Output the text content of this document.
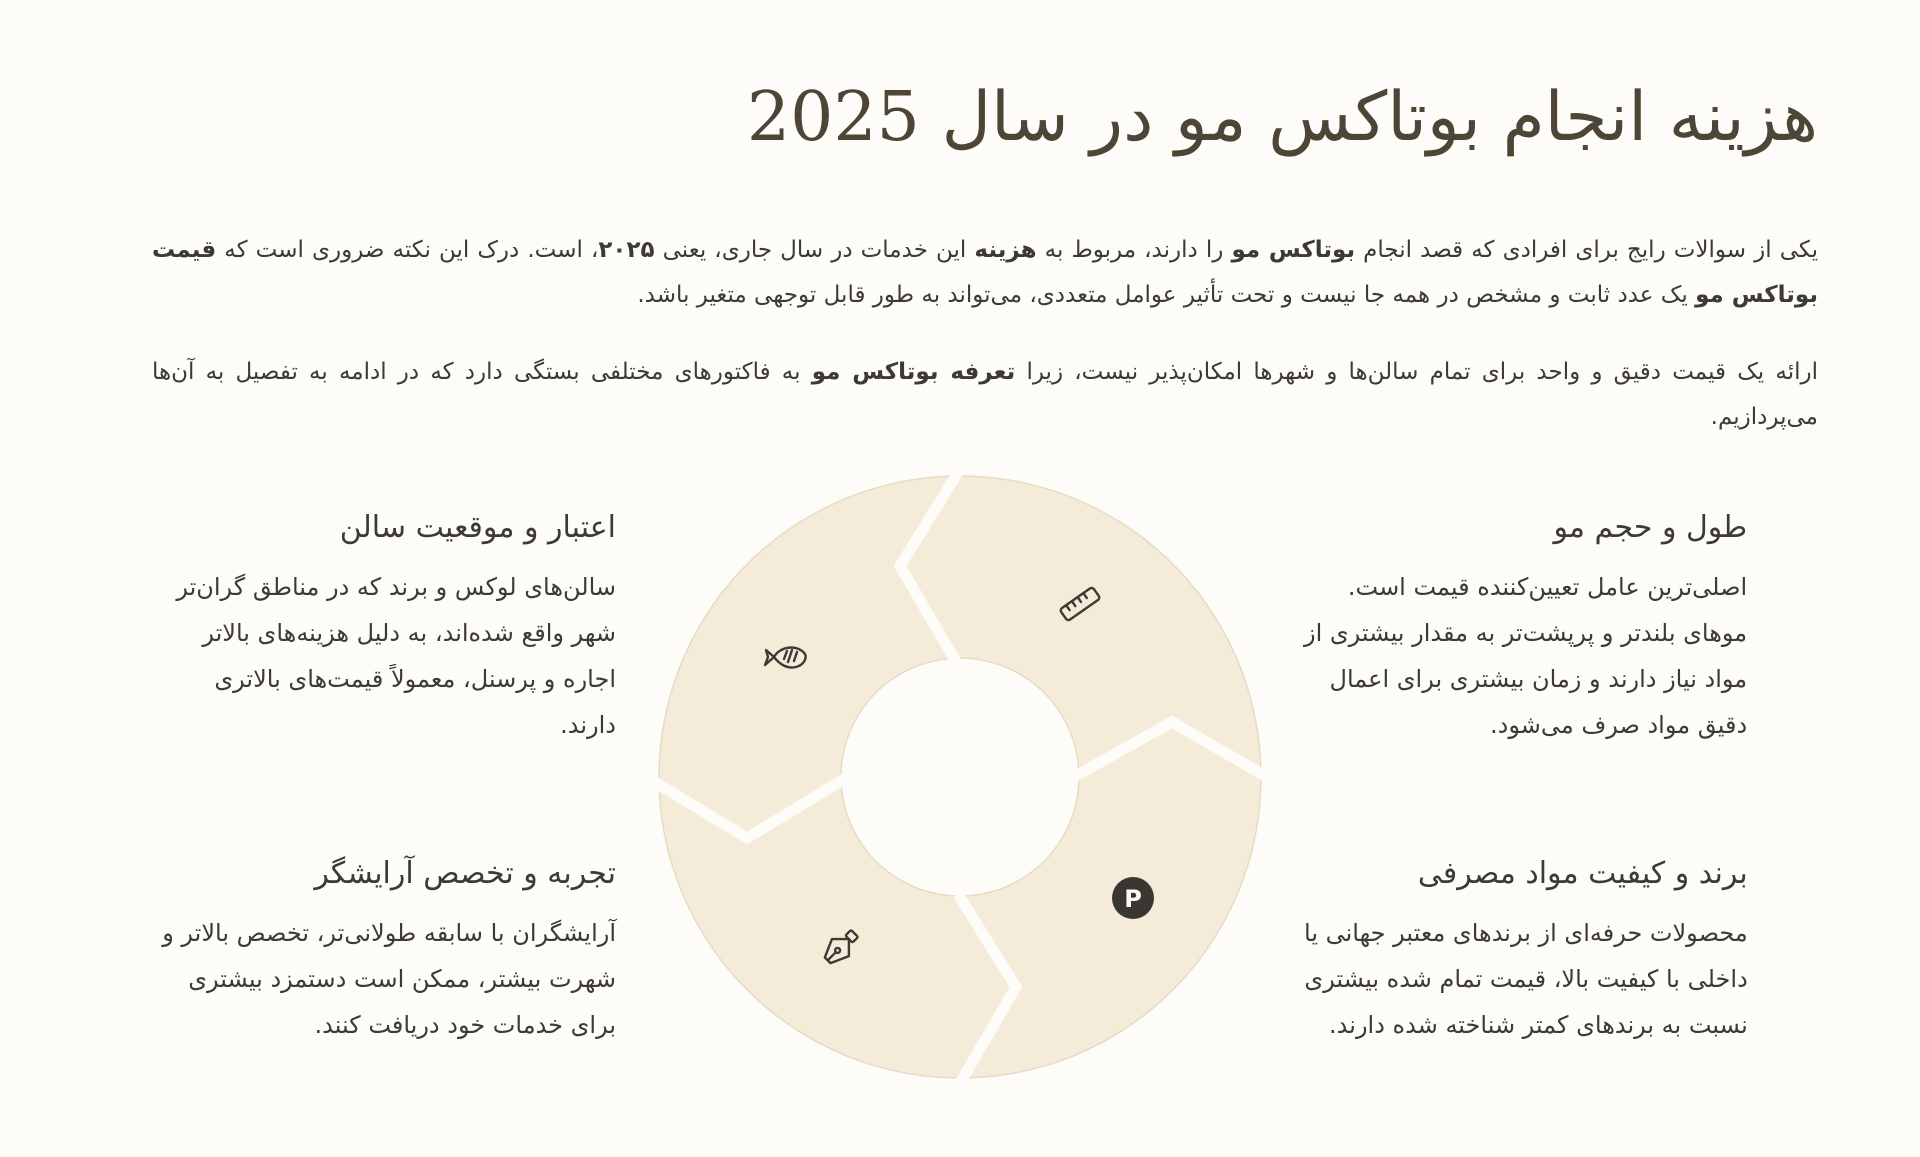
هزینه انجام بوتاکس مو در سال 2025

یکی از سوالات رایج برای افرادی که قصد انجام بوتاکس مو را دارند، مربوط به هزینه این خدمات در سال جاری، یعنی ۲۰۲۵، است. درک این نکته ضروری است که قیمت بوتاکس مو یک عدد ثابت و مشخص در همه جا نیست و تحت تأثیر عوامل متعددی، می‌تواند به طور قابل توجهی متغیر باشد.

ارائه یک قیمت دقیق و واحد برای تمام سالن‌ها و شهرها امکان‌پذیر نیست، زیرا تعرفه بوتاکس مو به فاکتورهای مختلفی بستگی دارد که در ادامه به تفصیل به آن‌ها می‌پردازیم.

طول و حجم مو
اصلی‌ترین عامل تعیین‌کننده قیمت است.
موهای بلندتر و پرپشت‌تر به مقدار بیشتری از
مواد نیاز دارند و زمان بیشتری برای اعمال
دقیق مواد صرف می‌شود.
اعتبار و موقعیت سالن
سالن‌های لوکس و برند که در مناطق گران‌تر
شهر واقع شده‌اند، به دلیل هزینه‌های بالاتر
اجاره و پرسنل، معمولاً قیمت‌های بالاتری
دارند.
برند و کیفیت مواد مصرفی
محصولات حرفه‌ای از برندهای معتبر جهانی یا
داخلی با کیفیت بالا، قیمت تمام شده بیشتری
نسبت به برندهای کمتر شناخته شده دارند.
تجربه و تخصص آرایشگر
آرایشگران با سابقه طولانی‌تر، تخصص بالاتر و
شهرت بیشتر، ممکن است دستمزد بیشتری
برای خدمات خود دریافت کنند.
P
